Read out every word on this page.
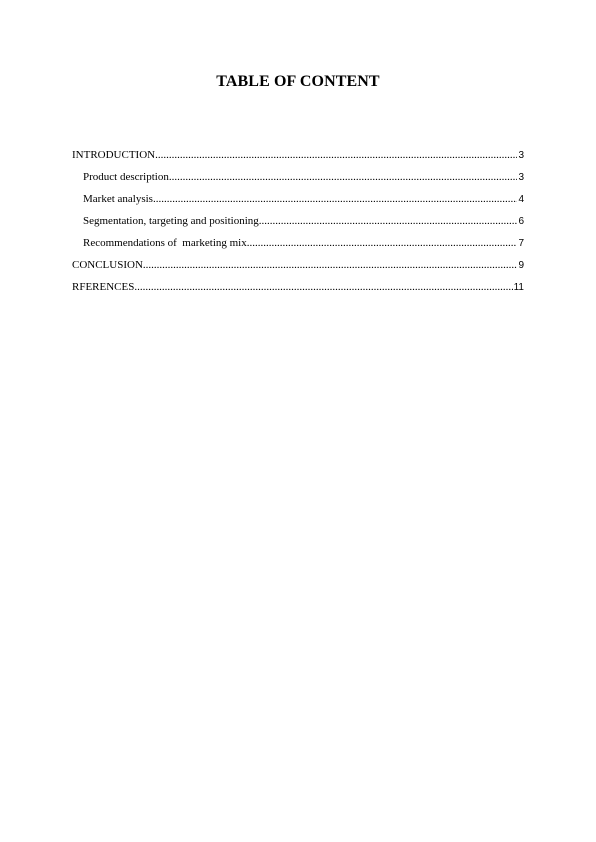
TABLE OF CONTENT
INTRODUCTION .....	3
Product description .....	3
Market analysis .....	4
Segmentation, targeting and positioning .....	6
Recommendations of  marketing mix .....	7
CONCLUSION .....	9
RFERENCES .....	11
